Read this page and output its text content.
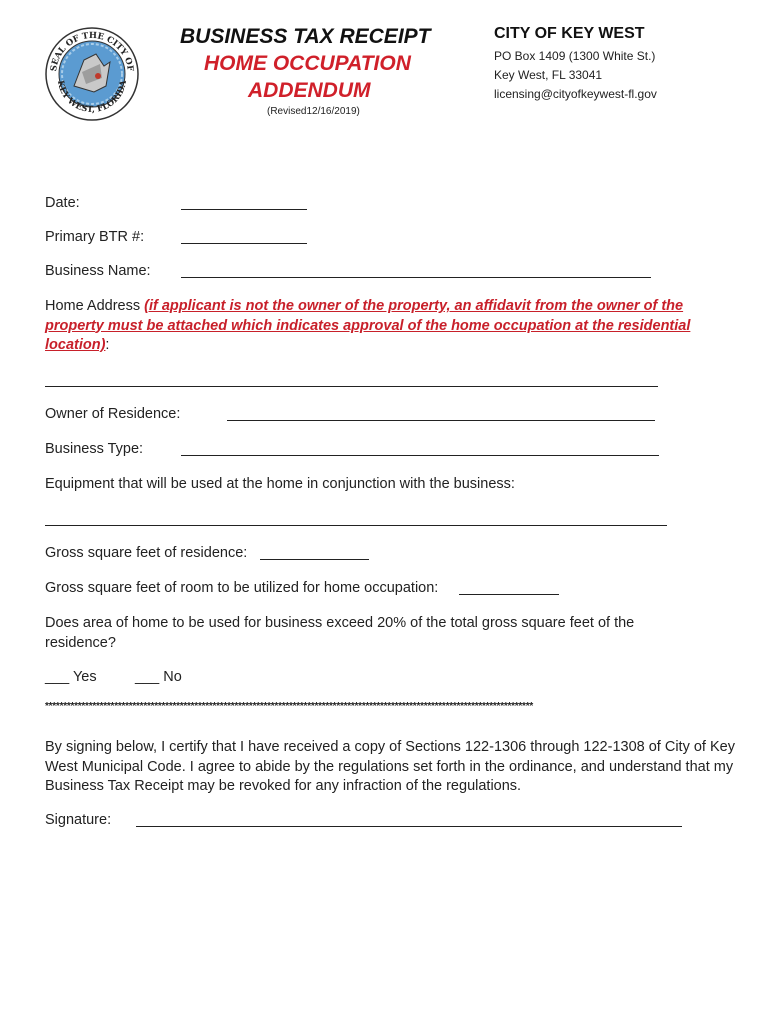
SEAL OF THE CITY OF
KEY WEST, FLORIDA
BUSINESS TAX RECEIPT
HOME OCCUPATION
ADDENDUM
(Revised12/16/2019)
CITY OF KEY WEST
PO Box 1409 (1300 White St.)
Key West, FL 33041
licensing@cityofkeywest-fl.gov
Date:
Primary BTR #:
Business Name:
Home Address (if applicant is not the owner of the property, an affidavit from the owner of the property must be attached which indicates approval of the home occupation at the residential location):
Owner of Residence:
Business Type:
Equipment that will be used at the home in conjunction with the business:
Gross square feet of residence:
Gross square feet of room to be utilized for home occupation:
Does area of home to be used for business exceed 20% of the total gross square feet of the residence?
___ Yes	___ No
**************************************************************************************************************************************
By signing below, I certify that I have received a copy of Sections 122-1306 through 122-1308 of City of Key West Municipal Code. I agree to abide by the regulations set forth in the ordinance, and understand that my Business Tax Receipt may be revoked for any infraction of the regulations.
Signature:
